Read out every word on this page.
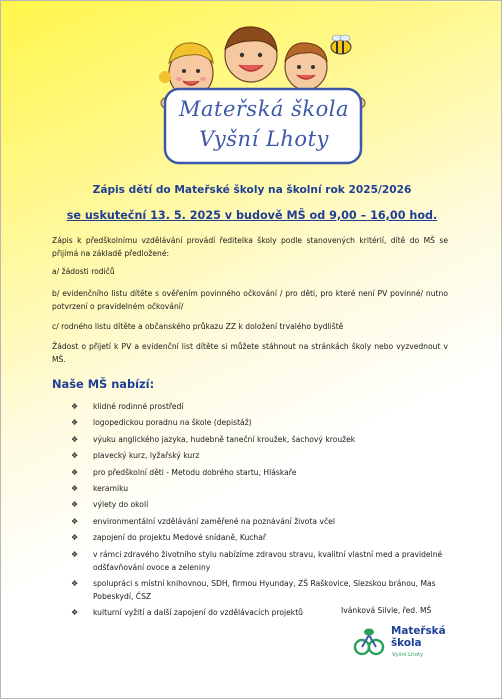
Mateřská škola
Vyšní Lhoty
Zápis dětí do Mateřské školy na školní rok 2025/2026
se uskuteční 13. 5. 2025 v budově MŠ od 9,00 – 16,00 hod.
Zápis k předškolnímu vzdělávání provádí ředitelka školy podle stanovených kritérií, dítě do MŠ se přijímá na základě předložené:
a/ žádosti rodičů
b/ evidenčního listu dítěte s ověřením povinného očkování / pro děti, pro které není PV povinné/ nutno potvrzení o pravidelném očkování/
c/ rodného listu dítěte a občanského průkazu ZZ k doložení trvalého bydliště
Žádost o přijetí k PV a evidenční list dítěte si můžete stáhnout na stránkách školy nebo vyzvednout v MŠ.
Naše MŠ nabízí:
❖	klidné rodinné prostředí
❖	logopedickou poradnu na škole (depistáž)
❖	výuku anglického jazyka, hudebně taneční kroužek, šachový kroužek
❖	plavecký kurz, lyžařský kurz
❖	pro předškolní děti - Metodu dobrého startu, Hláskaře
❖	keramiku
❖	výlety do okolí
❖	environmentální vzdělávání zaměřené na poznávání života včel
❖	zapojení do projektu Medové snídaně, Kuchař
❖	v rámci zdravého životního stylu nabízíme zdravou stravu, kvalitní vlastní med a pravidelné odšťavňování ovoce a zeleniny
❖	spolupráci s místní knihovnou, SDH, firmou Hyunday, ZŠ Raškovice, Slezskou bránou, Mas Pobeskydí, ČSZ
❖	kulturní vyžití a další zapojení do vzdělávacích projektů	Ivánková Silvie, řed. MŠ
Mateřská
škola
Vyšní Lhoty
